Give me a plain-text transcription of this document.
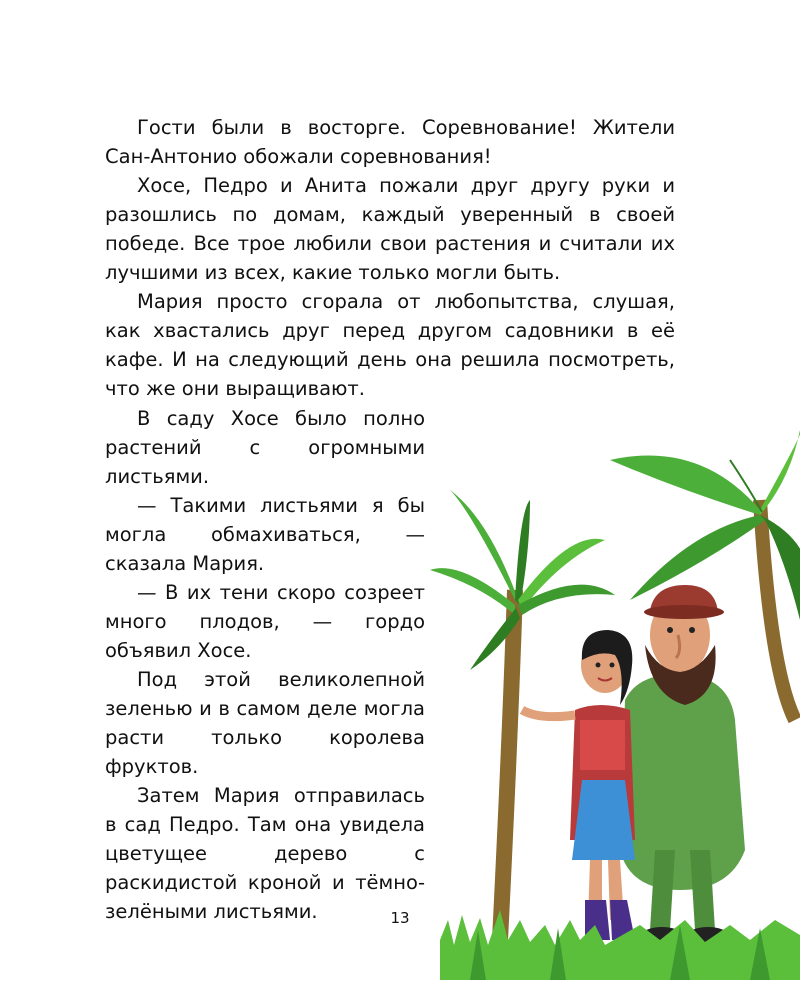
Гости были в восторге. Соревнование! Жители Сан-Антонио обожали соревнования!

Хосе, Педро и Анита пожали друг другу руки и разошлись по домам, каждый уверенный в своей победе. Все трое любили свои растения и считали их лучшими из всех, какие только могли быть.

Мария просто сгорала от любопытства, слушая, как хвастались друг перед другом садовники в её кафе. И на следующий день она решила посмотреть, что же они выращивают.

В саду Хосе было полно растений с огромными листьями.

— Такими листьями я бы могла обмахиваться, — сказала Мария.

— В их тени скоро созреет много плодов, — гордо объявил Хосе.

Под этой великолепной зеленью и в самом деле могла расти только королева фруктов.

Затем Мария отправилась в сад Педро. Там она увидела цветущее дерево с раскидистой кроной и тёмно-зелёными листьями.	13
